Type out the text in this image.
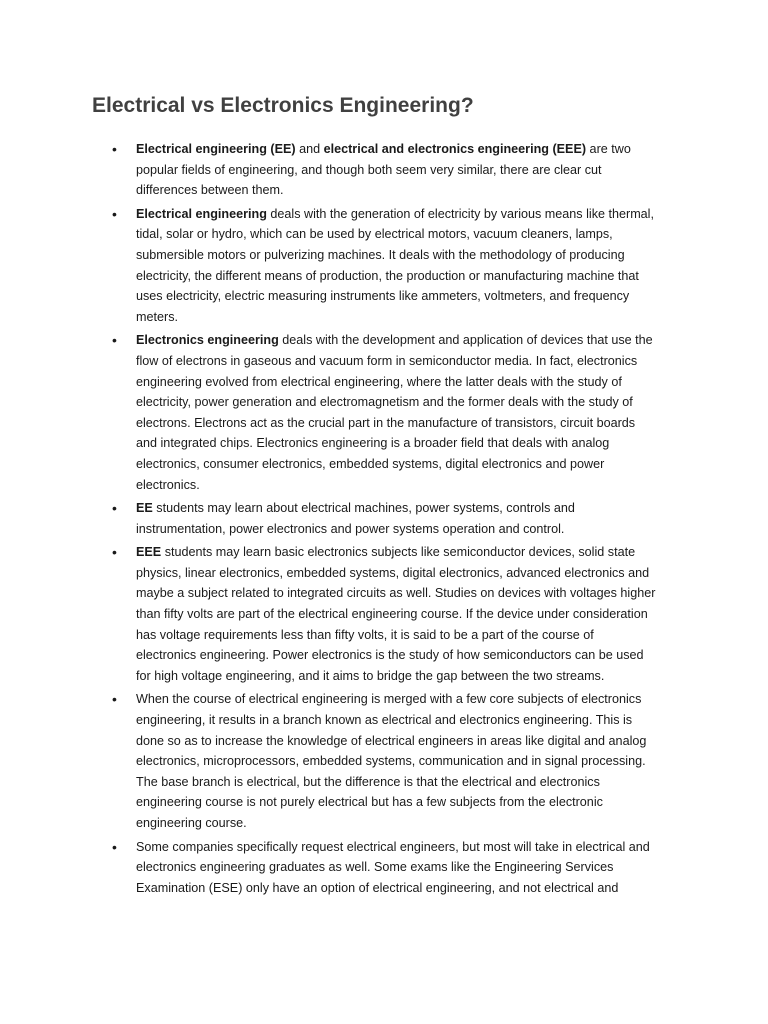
Electrical vs Electronics Engineering?
• Electrical engineering (EE) and electrical and electronics engineering (EEE) are two popular fields of engineering, and though both seem very similar, there are clear cut differences between them.
• Electrical engineering deals with the generation of electricity by various means like thermal, tidal, solar or hydro, which can be used by electrical motors, vacuum cleaners, lamps, submersible motors or pulverizing machines. It deals with the methodology of producing electricity, the different means of production, the production or manufacturing machine that uses electricity, electric measuring instruments like ammeters, voltmeters, and frequency meters.
• Electronics engineering deals with the development and application of devices that use the flow of electrons in gaseous and vacuum form in semiconductor media. In fact, electronics engineering evolved from electrical engineering, where the latter deals with the study of electricity, power generation and electromagnetism and the former deals with the study of electrons. Electrons act as the crucial part in the manufacture of transistors, circuit boards and integrated chips. Electronics engineering is a broader field that deals with analog electronics, consumer electronics, embedded systems, digital electronics and power electronics.
• EE students may learn about electrical machines, power systems, controls and instrumentation, power electronics and power systems operation and control.
• EEE students may learn basic electronics subjects like semiconductor devices, solid state physics, linear electronics, embedded systems, digital electronics, advanced electronics and maybe a subject related to integrated circuits as well. Studies on devices with voltages higher than fifty volts are part of the electrical engineering course. If the device under consideration has voltage requirements less than fifty volts, it is said to be a part of the course of electronics engineering. Power electronics is the study of how semiconductors can be used for high voltage engineering, and it aims to bridge the gap between the two streams.
• When the course of electrical engineering is merged with a few core subjects of electronics engineering, it results in a branch known as electrical and electronics engineering. This is done so as to increase the knowledge of electrical engineers in areas like digital and analog electronics, microprocessors, embedded systems, communication and in signal processing. The base branch is electrical, but the difference is that the electrical and electronics engineering course is not purely electrical but has a few subjects from the electronic engineering course.
• Some companies specifically request electrical engineers, but most will take in electrical and electronics engineering graduates as well. Some exams like the Engineering Services Examination (ESE) only have an option of electrical engineering, and not electrical and
